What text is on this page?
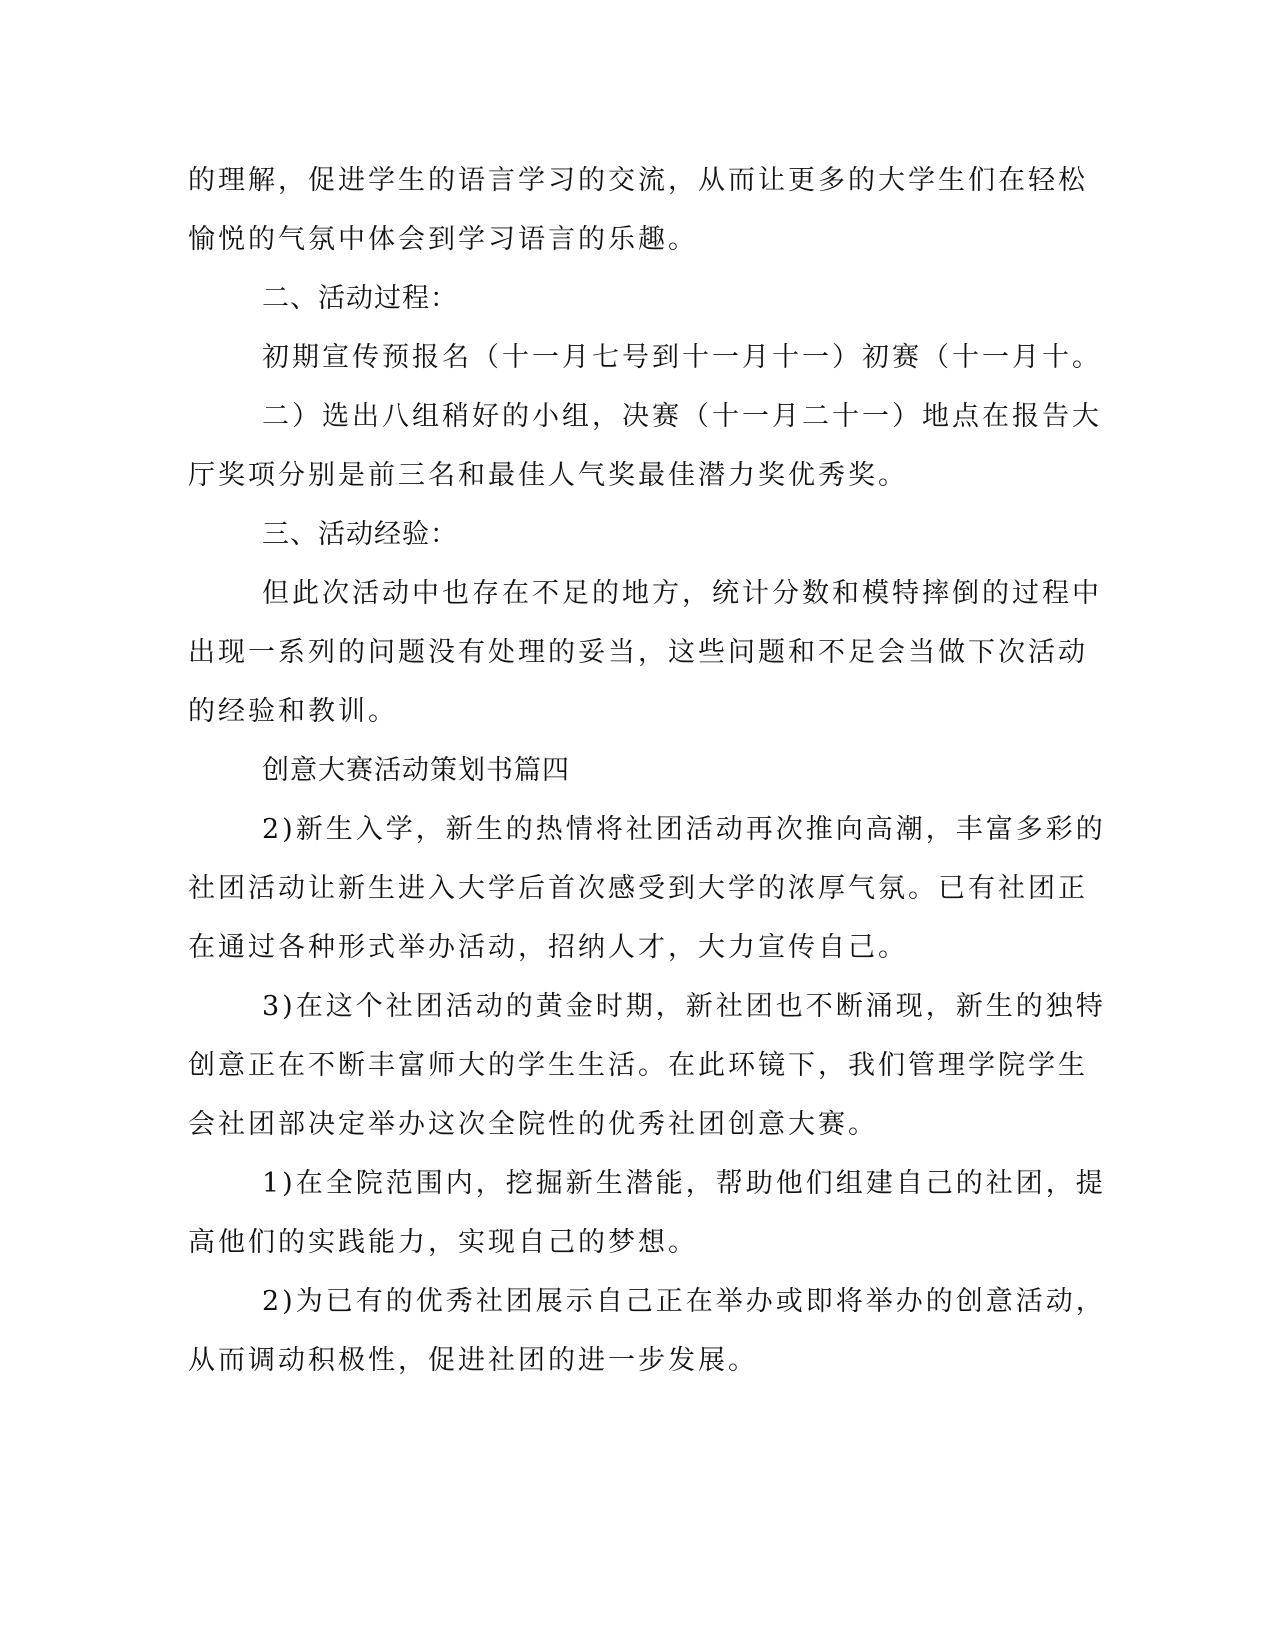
的理解，促进学生的语言学习的交流，从而让更多的大学生们在轻松
愉悦的气氛中体会到学习语言的乐趣。
二、活动过程：
初期宣传预报名（十一月七号到十一月十一）初赛（十一月十。
二）选出八组稍好的小组，决赛（十一月二十一）地点在报告大
厅奖项分别是前三名和最佳人气奖最佳潜力奖优秀奖。
三、活动经验：
但此次活动中也存在不足的地方，统计分数和模特摔倒的过程中
出现一系列的问题没有处理的妥当，这些问题和不足会当做下次活动
的经验和教训。
创意大赛活动策划书篇四
2)新生入学，新生的热情将社团活动再次推向高潮，丰富多彩的
社团活动让新生进入大学后首次感受到大学的浓厚气氛。已有社团正
在通过各种形式举办活动，招纳人才，大力宣传自己。
3)在这个社团活动的黄金时期，新社团也不断涌现，新生的独特
创意正在不断丰富师大的学生生活。在此环镜下，我们管理学院学生
会社团部决定举办这次全院性的优秀社团创意大赛。
1)在全院范围内，挖掘新生潜能，帮助他们组建自己的社团，提
高他们的实践能力，实现自己的梦想。
2)为已有的优秀社团展示自己正在举办或即将举办的创意活动，
从而调动积极性，促进社团的进一步发展。
